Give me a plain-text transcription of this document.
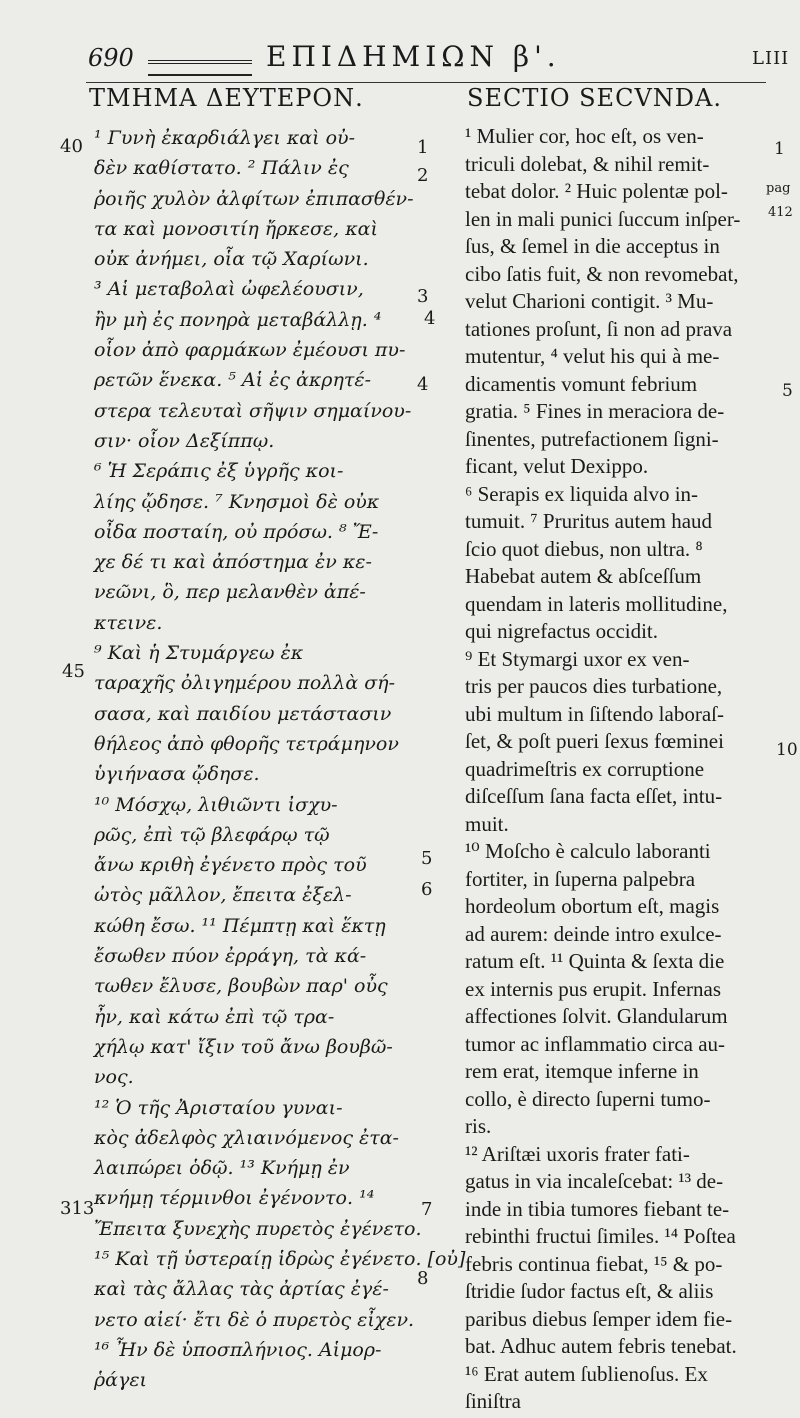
690	ΕΠΙΔΗΜΙΩΝ β'.	LIII
ΤΜΗΜΑ ΔΕΥΤΕΡΟΝ.	SECTIO SECVNDA.
¹ Γυνὴ ἐκαρδιάλγει καὶ οὐ-
δὲν καθίστατο. ² Πάλιν ἐς
ῥοιῆς χυλὸν ἀλφίτων ἐπιπασθέν-
τα καὶ μονοσιτίη ἤρκεσε, καὶ
οὐκ ἀνήμει, οἷα τῷ Χαρίωνι.
³ Αἱ μεταβολαὶ ὠφελέουσιν,
ἢν μὴ ἐς πονηρὰ μεταβάλλῃ. ⁴
οἷον ἀπὸ φαρμάκων ἐμέουσι πυ-
ρετῶν ἕνεκα. ⁵ Αἱ ἐς ἀκρητέ-
στερα τελευταὶ σῆψιν σημαίνου-
σιν· οἷον Δεξίππῳ.
⁶ Ἡ Σεράπις ἐξ ὑγρῆς κοι-
λίης ᾤδησε. ⁷ Κνησμοὶ δὲ οὐκ
οἶδα ποσταίη, οὐ πρόσω. ⁸ Ἔ-
χε δέ τι καὶ ἀπόστημα ἐν κε-
νεῶνι, ὃ, περ μελανθὲν ἀπέ-
κτεινε.
⁹ Καὶ ἡ Στυμάργεω ἐκ
ταραχῆς ὀλιγημέρου πολλὰ σή-
σασα, καὶ παιδίου μετάστασιν
θήλεος ἀπὸ φθορῆς τετράμηνον
ὑγιήνασα ᾤδησε.
¹⁰ Μόσχῳ, λιθιῶντι ἰσχυ-
ρῶς, ἐπὶ τῷ βλεφάρῳ τῷ
ἄνω κριθὴ ἐγένετο πρὸς τοῦ
ὠτὸς μᾶλλον, ἔπειτα ἐξελ-
κώθη ἔσω. ¹¹ Πέμπτῃ καὶ ἕκτῃ
ἔσωθεν πύον ἐρράγη, τὰ κά-
τωθεν ἔλυσε, βουβὼν παρ' οὖς
ἦν, καὶ κάτω ἐπὶ τῷ τρα-
χήλῳ κατ' ἴξιν τοῦ ἄνω βουβῶ-
νος.
¹² Ὁ τῆς Ἀρισταίου γυναι-
κὸς ἀδελφὸς χλιαινόμενος ἐτα-
λαιπώρει ὁδῷ. ¹³ Κνήμῃ ἐν
κνήμῃ τέρμινθοι ἐγένοντο. ¹⁴
Ἔπειτα ξυνεχὴς πυρετὸς ἐγένετο.
¹⁵ Καὶ τῇ ὑστεραίῃ ἱδρὼς ἐγένετο. [οὐ]
καὶ τὰς ἄλλας τὰς ἀρτίας ἐγέ-
νετο αἰεί· ἔτι δὲ ὁ πυρετὸς εἶχεν.
¹⁶ Ἦν δὲ ὑποσπλήνιος. Αἱμορ-
ῥάγει
¹ Mulier cor, hoc eſt, os ven-
triculi dolebat, & nihil remit-
tebat dolor. ² Huic polentæ pol-
len in mali punici ſuccum inſper-
ſus, & ſemel in die acceptus in
cibo ſatis fuit, & non revomebat,
velut Charioni contigit. ³ Mu-
tationes proſunt, ſi non ad prava
mutentur, ⁴ velut his qui à me-
dicamentis vomunt febrium
gratia. ⁵ Fines in meraciora de-
ſinentes, putrefactionem ſigni-
ficant, velut Dexippo.
⁶ Serapis ex liquida alvo in-
tumuit. ⁷ Pruritus autem haud
ſcio quot diebus, non ultra. ⁸
Habebat autem & abſceſſum
quendam in lateris mollitudine,
qui nigrefactus occidit.
⁹ Et Stymargi uxor ex ven-
tris per paucos dies turbatione,
ubi multum in ſiſtendo laboraſ-
ſet, & poſt pueri ſexus fœminei
quadrimeſtris ex corruptione
diſceſſum ſana facta eſſet, intu-
muit.
¹⁰ Moſcho è calculo laboranti
fortiter, in ſuperna palpebra
hordeolum obortum eſt, magis
ad aurem: deinde intro exulce-
ratum eſt. ¹¹ Quinta & ſexta die
ex internis pus erupit. Infernas
affectiones ſolvit. Glandularum
tumor ac inflammatio circa au-
rem erat, itemque inferne in
collo, è directo ſuperni tumo-
ris.
¹² Ariſtæi uxoris frater fati-
gatus in via incaleſcebat: ¹³ de-
inde in tibia tumores fiebant te-
rebinthi fructui ſimiles. ¹⁴ Poſtea
febris continua fiebat, ¹⁵ & po-
ſtridie ſudor factus eſt, & aliis
paribus diebus ſemper idem fie-
bat. Adhuc autem febris tenebat.
¹⁶ Erat autem ſublienoſus. Ex
ſiniſtra
40
45
313
1
2
3
4
4
5
6
7
8
1
pag
412
5
10
